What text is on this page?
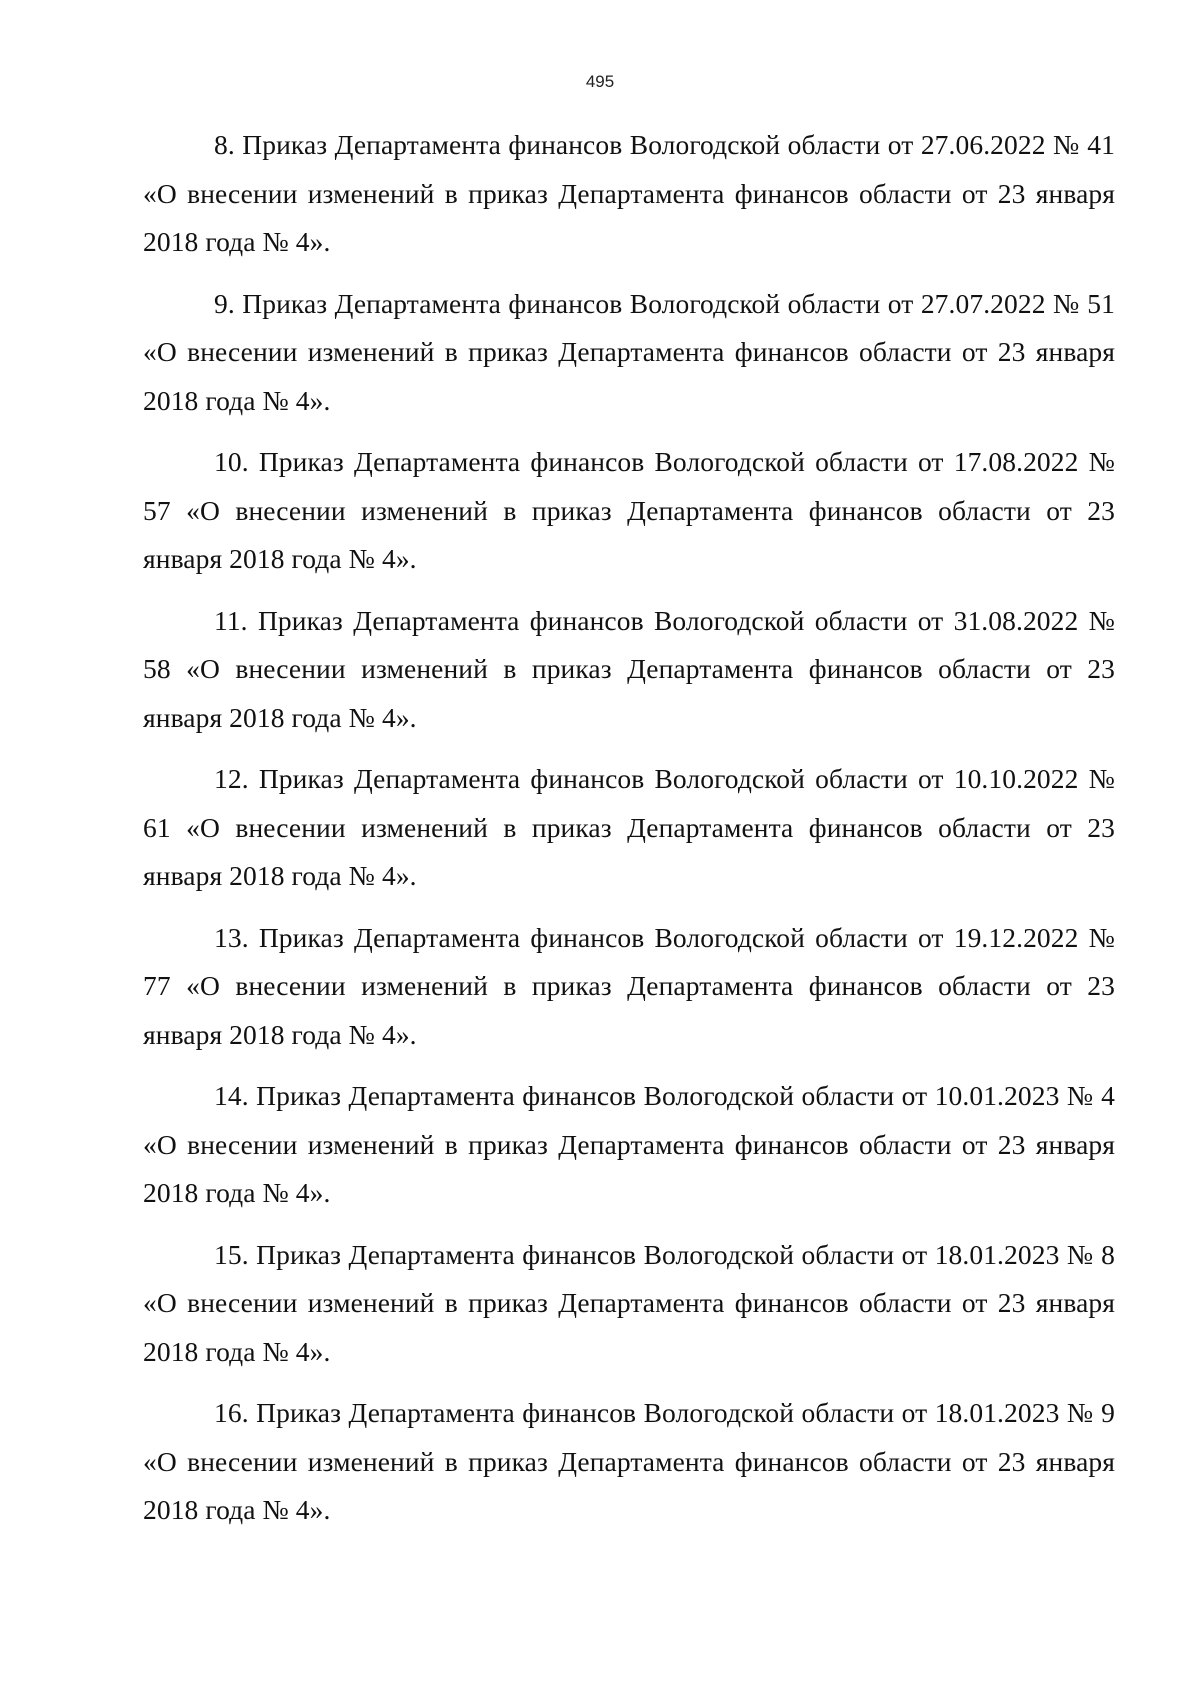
495

8. Приказ Департамента финансов Вологодской области от 27.06.2022 № 41 «О внесении изменений в приказ Департамента финансов области от 23 января 2018 года № 4».

9. Приказ Департамента финансов Вологодской области от 27.07.2022 № 51 «О внесении изменений в приказ Департамента финансов области от 23 января 2018 года № 4».

10. Приказ Департамента финансов Вологодской области от 17.08.2022 № 57 «О внесении изменений в приказ Департамента финансов области от 23 января 2018 года № 4».

11. Приказ Департамента финансов Вологодской области от 31.08.2022 № 58 «О внесении изменений в приказ Департамента финансов области от 23 января 2018 года № 4».

12. Приказ Департамента финансов Вологодской области от 10.10.2022 № 61 «О внесении изменений в приказ Департамента финансов области от 23 января 2018 года № 4».

13. Приказ Департамента финансов Вологодской области от 19.12.2022 № 77 «О внесении изменений в приказ Департамента финансов области от 23 января 2018 года № 4».

14. Приказ Департамента финансов Вологодской области от 10.01.2023 № 4 «О внесении изменений в приказ Департамента финансов области от 23 января 2018 года № 4».

15. Приказ Департамента финансов Вологодской области от 18.01.2023 № 8 «О внесении изменений в приказ Департамента финансов области от 23 января 2018 года № 4».

16. Приказ Департамента финансов Вологодской области от 18.01.2023 № 9 «О внесении изменений в приказ Департамента финансов области от 23 января 2018 года № 4».
